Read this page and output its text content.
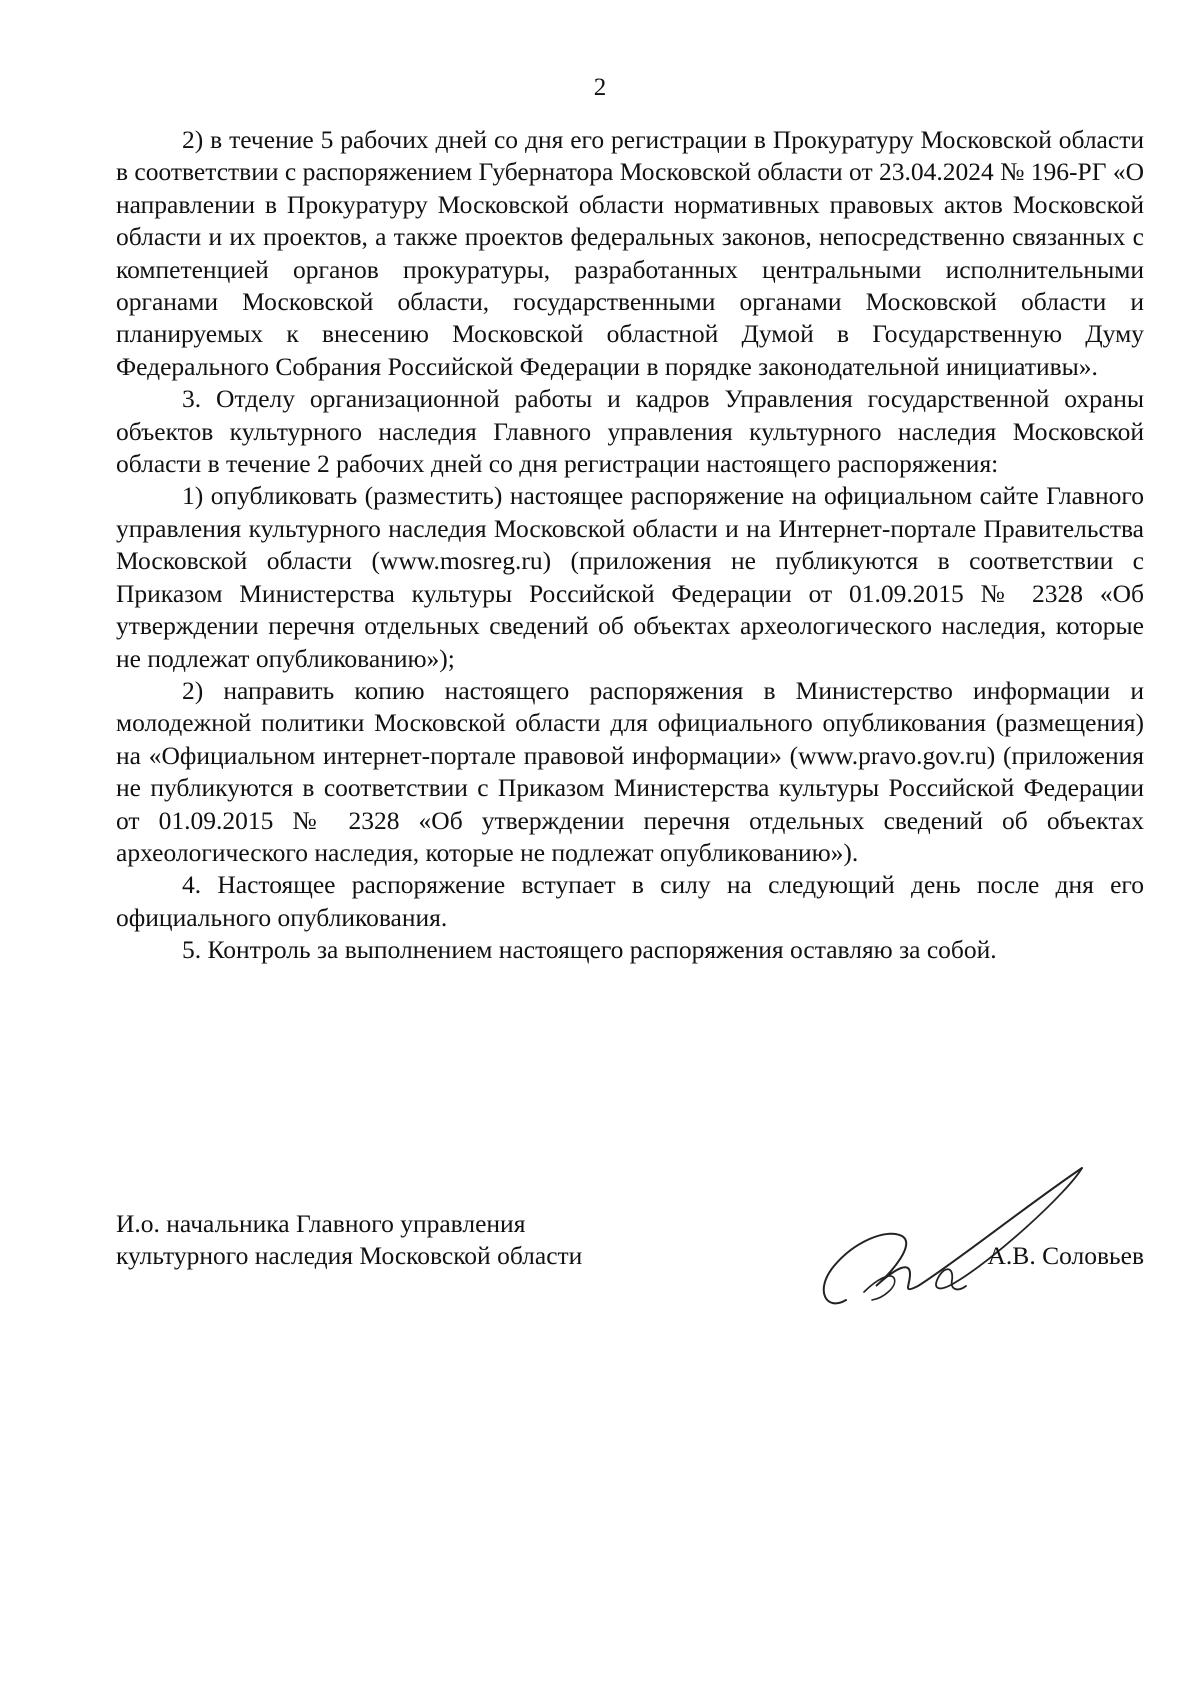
2

2) в течение 5 рабочих дней со дня его регистрации в Прокуратуру Московской области в соответствии с распоряжением Губернатора Московской области от 23.04.2024 № 196-РГ «О направлении в Прокуратуру Московской области нормативных правовых актов Московской области и их проектов, а также проектов федеральных законов, непосредственно связанных с компетенцией органов прокуратуры, разработанных центральными исполнительными органами Московской области, государственными органами Московской области и планируемых к внесению Московской областной Думой в Государственную Думу Федерального Собрания Российской Федерации в порядке законодательной инициативы».

3. Отделу организационной работы и кадров Управления государственной охраны объектов культурного наследия Главного управления культурного наследия Московской области в течение 2 рабочих дней со дня регистрации настоящего распоряжения:

1) опубликовать (разместить) настоящее распоряжение на официальном сайте Главного управления культурного наследия Московской области и на Интернет-портале Правительства Московской области (www.mosreg.ru) (приложения не публикуются в соответствии с Приказом Министерства культуры Российской Федерации от 01.09.2015 № 2328 «Об утверждении перечня отдельных сведений об объектах археологического наследия, которые не подлежат опубликованию»);

2) направить копию настоящего распоряжения в Министерство информации и молодежной политики Московской области для официального опубликования (размещения) на «Официальном интернет-портале правовой информации» (www.pravo.gov.ru) (приложения не публикуются в соответствии с Приказом Министерства культуры Российской Федерации от 01.09.2015 № 2328 «Об утверждении перечня отдельных сведений об объектах археологического наследия, которые не подлежат опубликованию»).

4. Настоящее распоряжение вступает в силу на следующий день после дня его официального опубликования.

5. Контроль за выполнением настоящего распоряжения оставляю за собой.

И.о. начальника Главного управления
культурного наследия Московской области	А.В. Соловьев
